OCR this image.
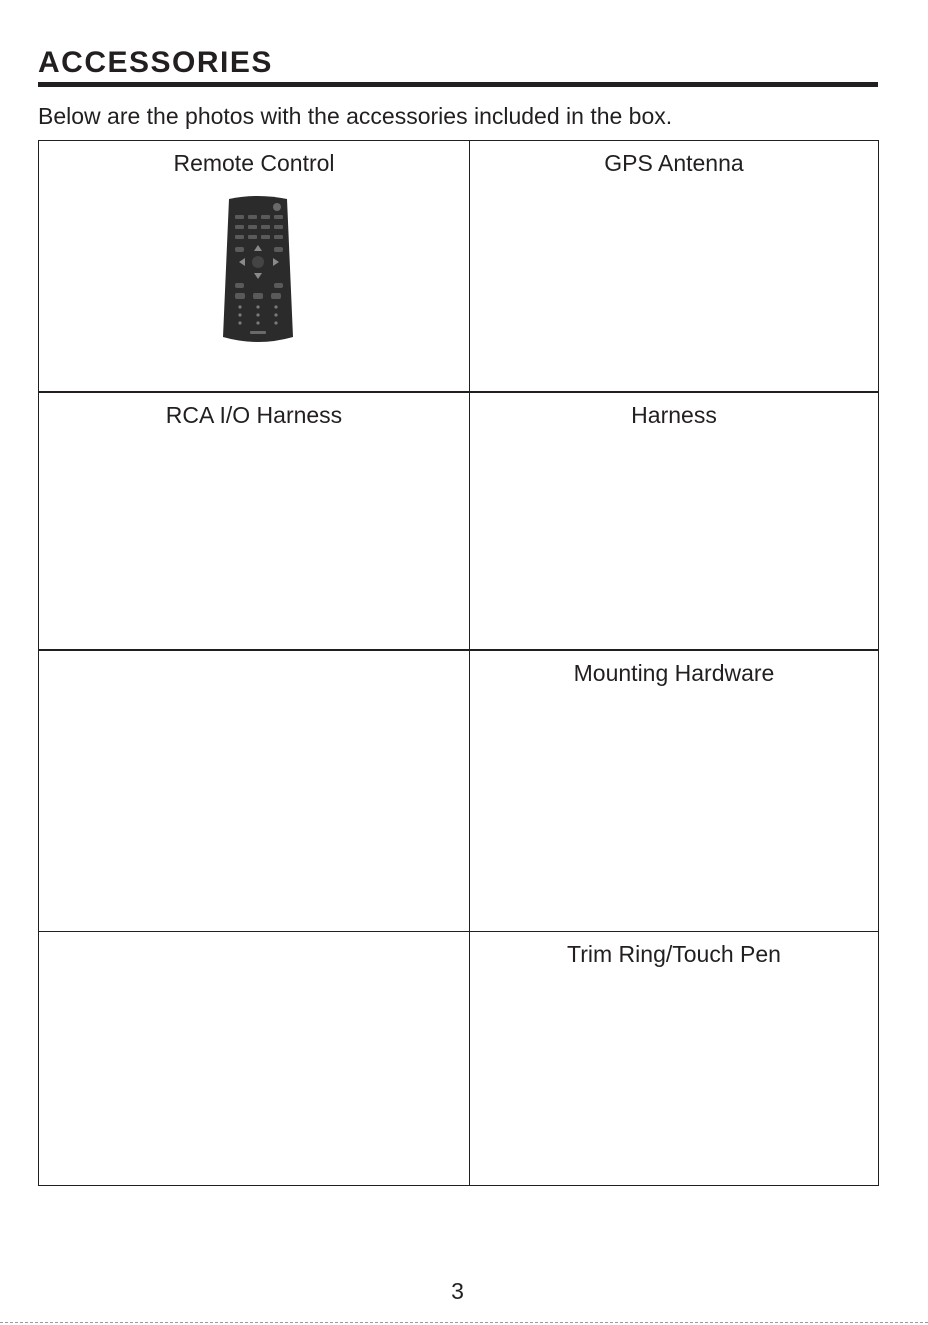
ACCESSORIES
Below are the photos with the accessories included in the box.
Remote Control	GPS Antenna
RCA I/O Harness	Harness
Mounting Hardware
Trim Ring/Touch Pen
3
